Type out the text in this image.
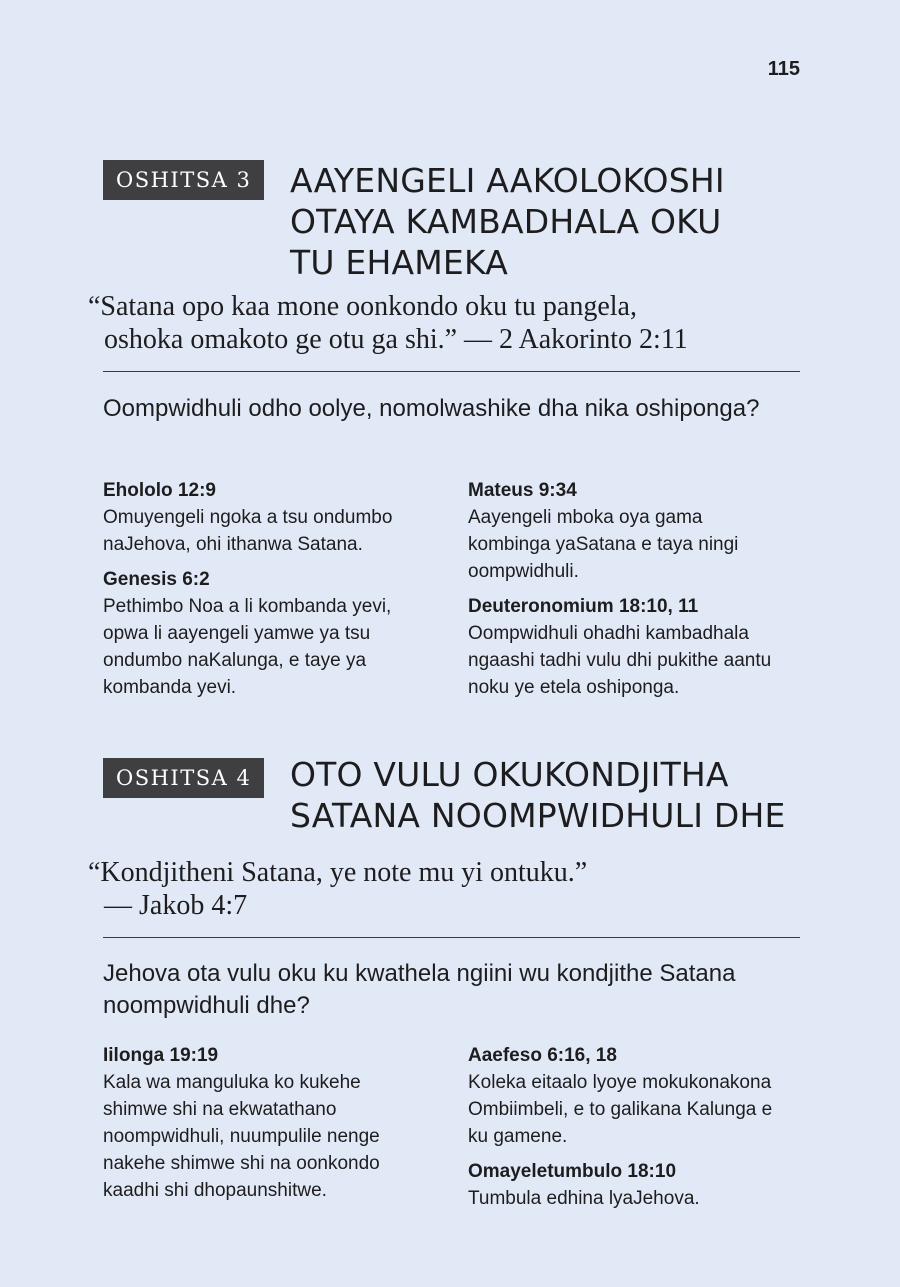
115
OSHITSA 3	AAYENGELI AAKOLOKOSHI
OTAYA KAMBADHALA OKU
TU EHAMEKA
“Satana opo kaa mone oonkondo oku tu pangela,
oshoka omakoto ge otu ga shi.” — 2 Aakorinto 2:11

Oompwidhuli odho oolye, nomolwashike dha nika oshiponga?

Ehololo 12:9
Omuyengeli ngoka a tsu ondumbo naJehova, ohi ithanwa Satana.
Genesis 6:2
Pethimbo Noa a li kombanda yevi, opwa li aayengeli yamwe ya tsu ondumbo naKalunga, e taye ya kombanda yevi.
Mateus 9:34
Aayengeli mboka oya gama kombinga yaSatana e taya ningi oompwidhuli.
Deuteronomium 18:10, 11
Oompwidhuli ohadhi kambadhala ngaashi tadhi vulu dhi pukithe aantu noku ye etela oshiponga.
OSHITSA 4	OTO VULU OKUKONDJITHA
SATANA NOOMPWIDHULI DHE
“Kondjitheni Satana, ye note mu yi ontuku.”
— Jakob 4:7

Jehova ota vulu oku ku kwathela ngiini wu kondjithe Satana noompwidhuli dhe?

Iilonga 19:19
Kala wa manguluka ko kukehe shimwe shi na ekwatathano noompwidhuli, nuumpulile nenge nakehe shimwe shi na oonkondo kaadhi shi dhopaunshitwe.
Aaefeso 6:16, 18
Koleka eitaalo lyoye mokukonakona Ombiimbeli, e to galikana Kalunga e ku gamene.
Omayeletumbulo 18:10
Tumbula edhina lyaJehova.
